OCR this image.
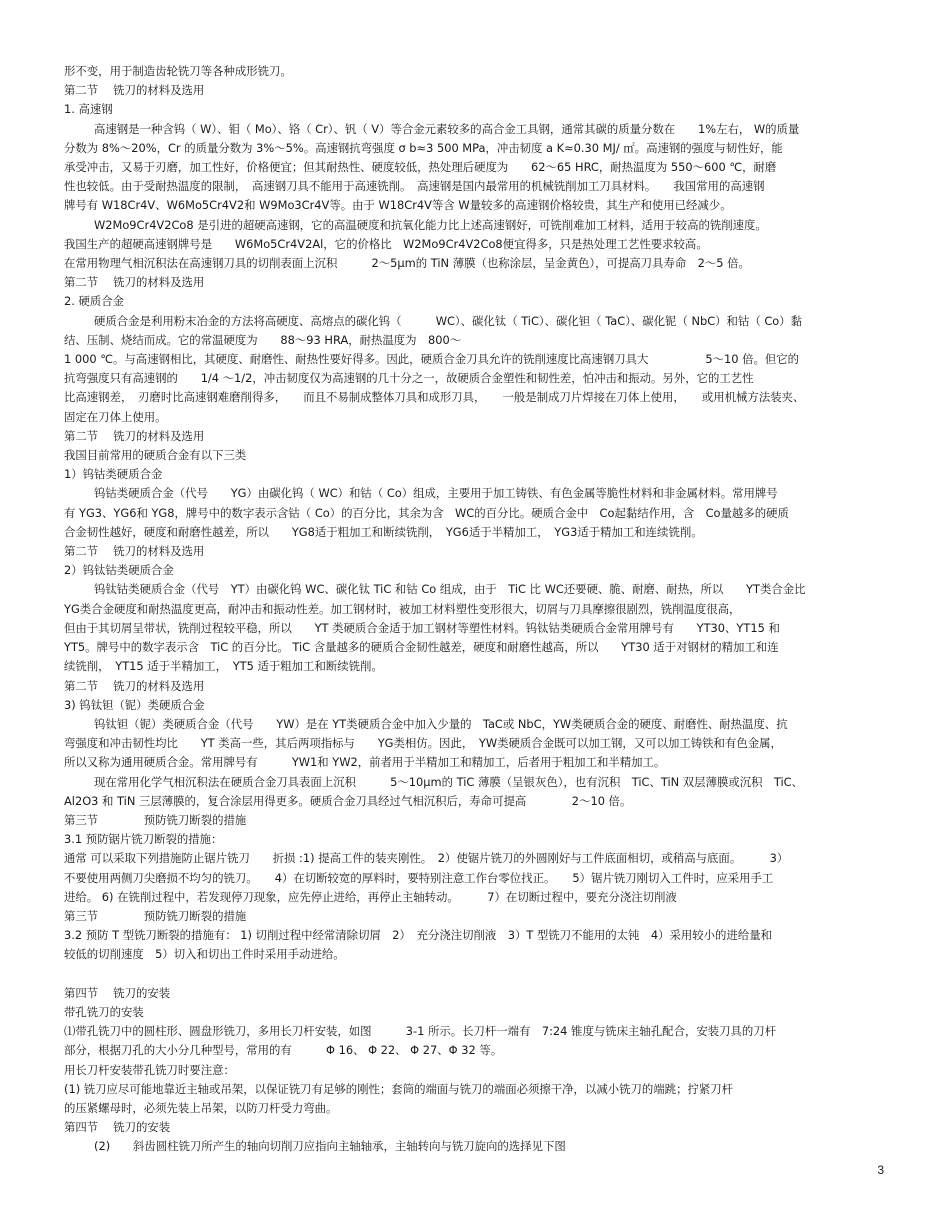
形不变，用于制造齿轮铣刀等各种成形铣刀。
第二节　 铣刀的材料及选用
1. 高速钢
高速钢是一种含钨（ W）、钼（ Mo）、铬（ Cr）、钒（ V）等合金元素较多的高合金工具钢，通常其碳的质量分数在　　1%左右， W的质量
分数为 8%～20%，Cr 的质量分数为 3%～5%。高速钢抗弯强度 σ b≈3 500 MPa，冲击韧度 a K≈0.30 MJ/ ㎡。高速钢的强度与韧性好，能
承受冲击，又易于刃磨，加工性好，价格便宜；但其耐热性、硬度较低，热处理后硬度为　　62～65 HRC，耐热温度为 550～600 ℃，耐磨
性也较低。由于受耐热温度的限制，　高速钢刀具不能用于高速铣削。　高速钢是国内最常用的机械铣削加工刀具材料。　　我国常用的高速钢
牌号有 W18Cr4V、W6Mo5Cr4V2和 W9Mo3Cr4V等。由于 W18Cr4V等含 W量较多的高速钢价格较贵，其生产和使用已经减少。
W2Mo9Cr4V2Co8 是引进的超硬高速钢，它的高温硬度和抗氧化能力比上述高速钢好，可铣削难加工材料，适用于较高的铣削速度。
我国生产的超硬高速钢牌号是　　W6Mo5Cr4V2Al，它的价格比　W2Mo9Cr4V2Co8便宜得多，只是热处理工艺性要求较高。
在常用物理气相沉积法在高速钢刀具的切削表面上沉积　　　2～5μm的 TiN 薄膜（也称涂层，呈金黄色），可提高刀具寿命　2～5 倍。
第二节　 铣刀的材料及选用
2. 硬质合金
硬质合金是利用粉末冶金的方法将高硬度、高熔点的碳化钨（　　　WC）、碳化钛（ TiC）、碳化钽（ TaC）、碳化铌（ NbC）和钴（ Co）黏
结、压制、烧结而成。它的常温硬度为　　88～93 HRA，耐热温度为　800～
1 000 ℃。与高速钢相比，其硬度、耐磨性、耐热性要好得多。因此，硬质合金刀具允许的铣削速度比高速钢刀具大　　　　　5～10 倍。但它的
抗弯强度只有高速钢的　　1/4 ～1/2，冲击韧度仅为高速钢的几十分之一，故硬质合金塑性和韧性差，怕冲击和振动。另外，它的工艺性
比高速钢差，　刃磨时比高速钢难磨削得多，　　而且不易制成整体刀具和成形刀具，　　一般是制成刀片焊接在刀体上使用，　　或用机械方法装夹、
固定在刀体上使用。
第二节　 铣刀的材料及选用
我国目前常用的硬质合金有以下三类
1）钨钴类硬质合金
钨钴类硬质合金（代号　　YG）由碳化钨（ WC）和钴（ Co）组成，主要用于加工铸铁、有色金属等脆性材料和非金属材料。常用牌号
有 YG3、YG6和 YG8，牌号中的数字表示含钴（ Co）的百分比，其余为含　WC的百分比。硬质合金中　Co起黏结作用，含　Co量越多的硬质
合金韧性越好，硬度和耐磨性越差，所以　　YG8适于粗加工和断续铣削，　YG6适于半精加工，　YG3适于精加工和连续铣削。
第二节　 铣刀的材料及选用
2）钨钛钴类硬质合金
钨钛钴类硬质合金（代号　YT）由碳化钨 WC、碳化钛 TiC 和钴 Co 组成，由于　TiC 比 WC还要硬、脆、耐磨、耐热，所以　　YT类合金比
YG类合金硬度和耐热温度更高，耐冲击和振动性差。加工钢材时，被加工材料塑性变形很大，切屑与刀具摩擦很剧烈，铣削温度很高，
但由于其切屑呈带状，铣削过程较平稳，所以　　YT 类硬质合金适于加工钢材等塑性材料。钨钛钴类硬质合金常用牌号有　　YT30、YT15 和
YT5。牌号中的数字表示含　TiC 的百分比。 TiC 含量越多的硬质合金韧性越差，硬度和耐磨性越高，所以　　YT30 适于对钢材的精加工和连
续铣削，　YT15 适于半精加工，　YT5 适于粗加工和断续铣削。
第二节　 铣刀的材料及选用
3) 钨钛钽（铌）类硬质合金
钨钛钽（铌）类硬质合金（代号　　YW）是在 YT类硬质合金中加入少量的　TaC或 NbC，YW类硬质合金的硬度、耐磨性、耐热温度、抗
弯强度和冲击韧性均比　　YT 类高一些，其后两项指标与　　YG类相仿。因此，　YW类硬质合金既可以加工钢，又可以加工铸铁和有色金属，
所以又称为通用硬质合金。常用牌号有　　　YW1和 YW2，前者用于半精加工和精加工，后者用于粗加工和半精加工。
现在常用化学气相沉积法在硬质合金刀具表面上沉积　　　5～10μm的 TiC 薄膜（呈银灰色），也有沉积　TiC、TiN 双层薄膜或沉积　TiC、
Al2O3 和 TiN 三层薄膜的，复合涂层用得更多。硬质合金刀具经过气相沉积后，寿命可提高　　　　2～10 倍。
第三节　　　　预防铣刀断裂的措施
3.1 预防锯片铣刀断裂的措施：
通常 可以采取下列措施防止锯片铣刀　　折损 :1) 提高工件的装夹刚性。　2）使锯片铣刀的外圆刚好与工件底面相切，或稍高与底面。　　　3）
不要使用两侧刀尖磨损不均匀的铣刀。　　4）在切断较宽的厚料时，要特别注意工作台零位找正。　　5）锯片铣刀刚切入工件时，应采用手工
进给。 6) 在铣削过程中，若发现停刀现象，应先停止进给，再停止主轴转动。　　　7）在切断过程中，要充分浇注切削液
第三节　　　　预防铣刀断裂的措施
3.2 预防 T 型铣刀断裂的措施有： 1) 切削过程中经常清除切屑　2）　充分浇注切削液　3）T 型铣刀不能用的太钝　4）采用较小的进给量和
较低的切削速度　5）切入和切出工件时采用手动进给。
第四节　 铣刀的安装
带孔铣刀的安装
⑴带孔铣刀中的圆柱形、圆盘形铣刀，多用长刀杆安装，如图　　　3-1 所示。长刀杆一端有　7:24 锥度与铣床主轴孔配合，安装刀具的刀杆
部分，根据刀孔的大小分几种型号，常用的有　　　Φ 16、 Φ 22、 Φ 27、Φ 32 等。
用长刀杆安装带孔铣刀时要注意：
(1) 铣刀应尽可能地靠近主轴或吊架，以保证铣刀有足够的刚性；套筒的端面与铣刀的端面必须擦干净，以减小铣刀的端跳；拧紧刀杆
的压紧螺母时，必须先装上吊架，以防刀杆受力弯曲。
第四节　 铣刀的安装
(2)　　斜齿圆柱铣刀所产生的轴向切削刀应指向主轴轴承，主轴转向与铣刀旋向的选择见下图
3
